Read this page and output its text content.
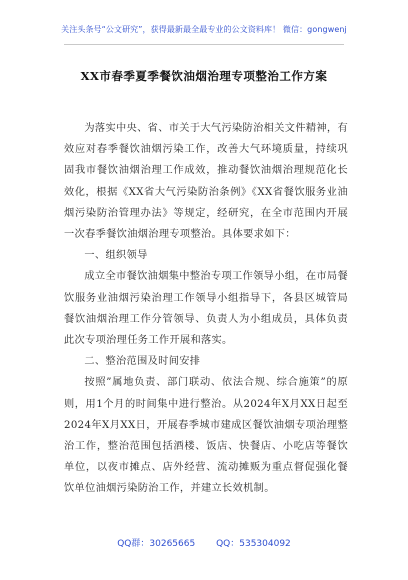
关注头条号“公文研究”，获得最新最全最专业的公文资料库！ 微信：gongwenj
XX市春季夏季餐饮油烟治理专项整治工作方案

为落实中央、省、市关于大气污染防治相关文件精神，有效应对春季餐饮油烟污染工作，改善大气环境质量，持续巩固我市餐饮油烟治理工作成效，推动餐饮油烟治理规范化长效化，根据《XX省大气污染防治条例》《XX省餐饮服务业油烟污染防治管理办法》等规定，经研究，在全市范围内开展一次春季餐饮油烟治理专项整治。具体要求如下：

一、组织领导

成立全市餐饮油烟集中整治专项工作领导小组，在市局餐饮服务业油烟污染治理工作领导小组指导下，各县区城管局餐饮油烟治理工作分管领导、负责人为小组成员，具体负责此次专项治理任务工作开展和落实。

二、整治范围及时间安排

按照”属地负责、部门联动、依法合规、综合施策”的原则，用1个月的时间集中进行整治。从2024年X月XX日起至2024年X月XX日，开展春季城市建成区餐饮油烟专项治理整治工作，整治范围包括酒楼、饭店、快餐店、小吃店等餐饮单位，以夜市摊点、店外经营、流动摊贩为重点督促强化餐饮单位油烟污染防治工作，并建立长效机制。

QQ群：30265665 QQ：535304092
